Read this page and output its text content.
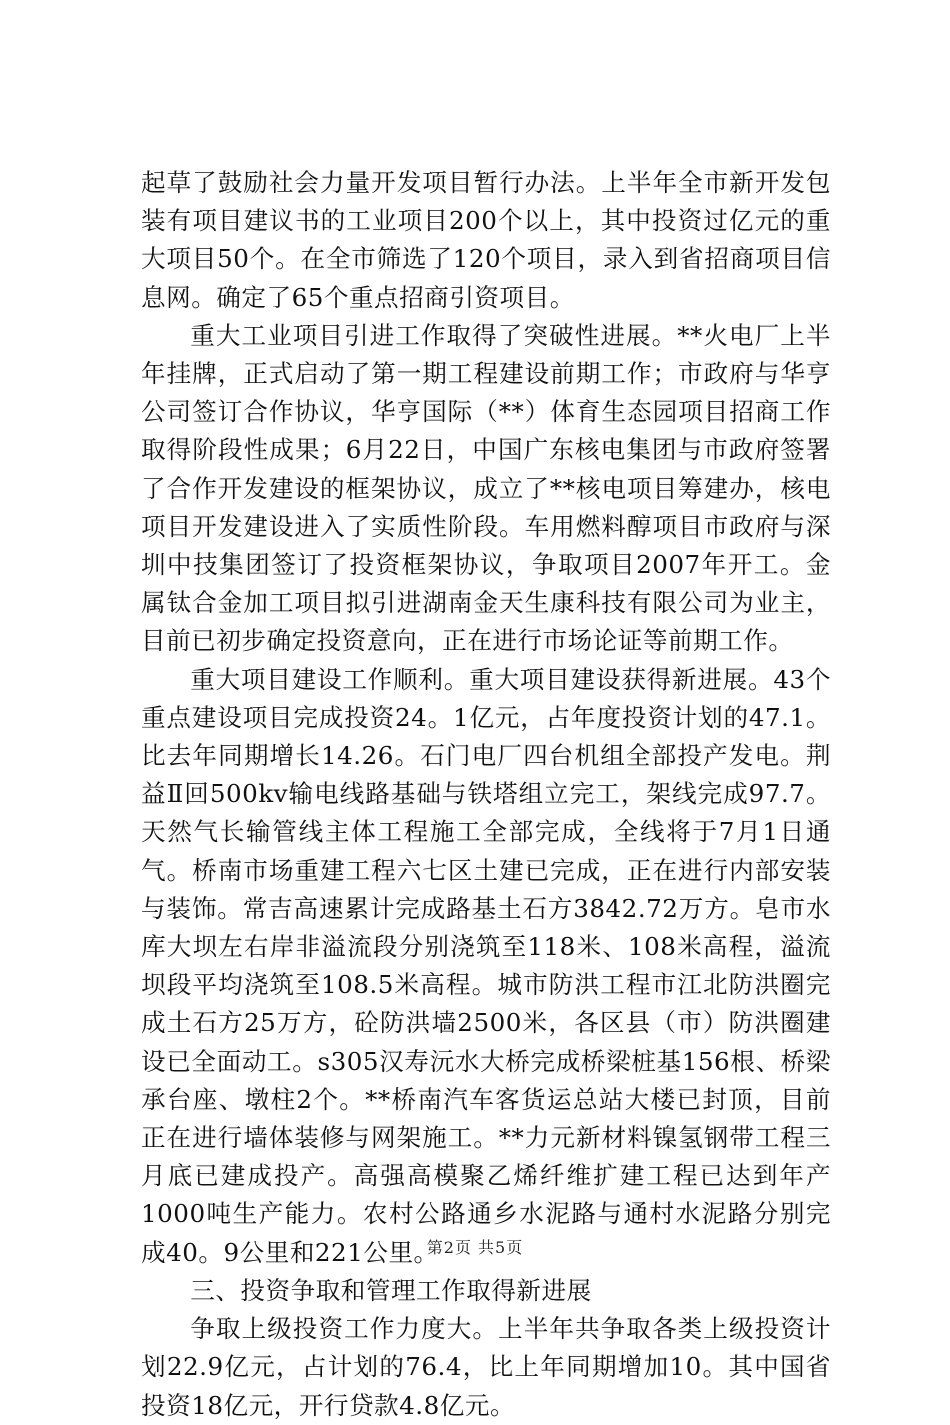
起草了鼓励社会力量开发项目暂行办法。上半年全市新开发包装有项目建议书的工业项目200个以上，其中投资过亿元的重大项目50个。在全市筛选了120个项目，录入到省招商项目信息网。确定了65个重点招商引资项目。

重大工业项目引进工作取得了突破性进展。**火电厂上半年挂牌，正式启动了第一期工程建设前期工作；市政府与华亨公司签订合作协议，华亨国际（**）体育生态园项目招商工作取得阶段性成果；6月22日，中国广东核电集团与市政府签署了合作开发建设的框架协议，成立了**核电项目筹建办，核电项目开发建设进入了实质性阶段。车用燃料醇项目市政府与深圳中技集团签订了投资框架协议，争取项目2007年开工。金属钛合金加工项目拟引进湖南金天生康科技有限公司为业主，目前已初步确定投资意向，正在进行市场论证等前期工作。

重大项目建设工作顺利。重大项目建设获得新进展。43个重点建设项目完成投资24。1亿元，占年度投资计划的47.1。比去年同期增长14.26。石门电厂四台机组全部投产发电。荆益Ⅱ回500kv输电线路基础与铁塔组立完工，架线完成97.7。天然气长输管线主体工程施工全部完成，全线将于7月1日通气。桥南市场重建工程六七区土建已完成，正在进行内部安装与装饰。常吉高速累计完成路基土石方3842.72万方。皂市水库大坝左右岸非溢流段分别浇筑至118米、108米高程，溢流坝段平均浇筑至108.5米高程。城市防洪工程市江北防洪圈完成土石方25万方，砼防洪墙2500米，各区县（市）防洪圈建设已全面动工。s305汉寿沅水大桥完成桥梁桩基156根、桥梁承台座、墩柱2个。**桥南汽车客货运总站大楼已封顶，目前正在进行墙体装修与网架施工。**力元新材料镍氢钢带工程三月底已建成投产。高强高模聚乙烯纤维扩建工程已达到年产1000吨生产能力。农村公路通乡水泥路与通村水泥路分别完成40。9公里和221公里。

三、投资争取和管理工作取得新进展

争取上级投资工作力度大。上半年共争取各类上级投资计划22.9亿元，占计划的76.4，比上年同期增加10。其中国省投资18亿元，开行贷款4.8亿元。

第2页 共5页
